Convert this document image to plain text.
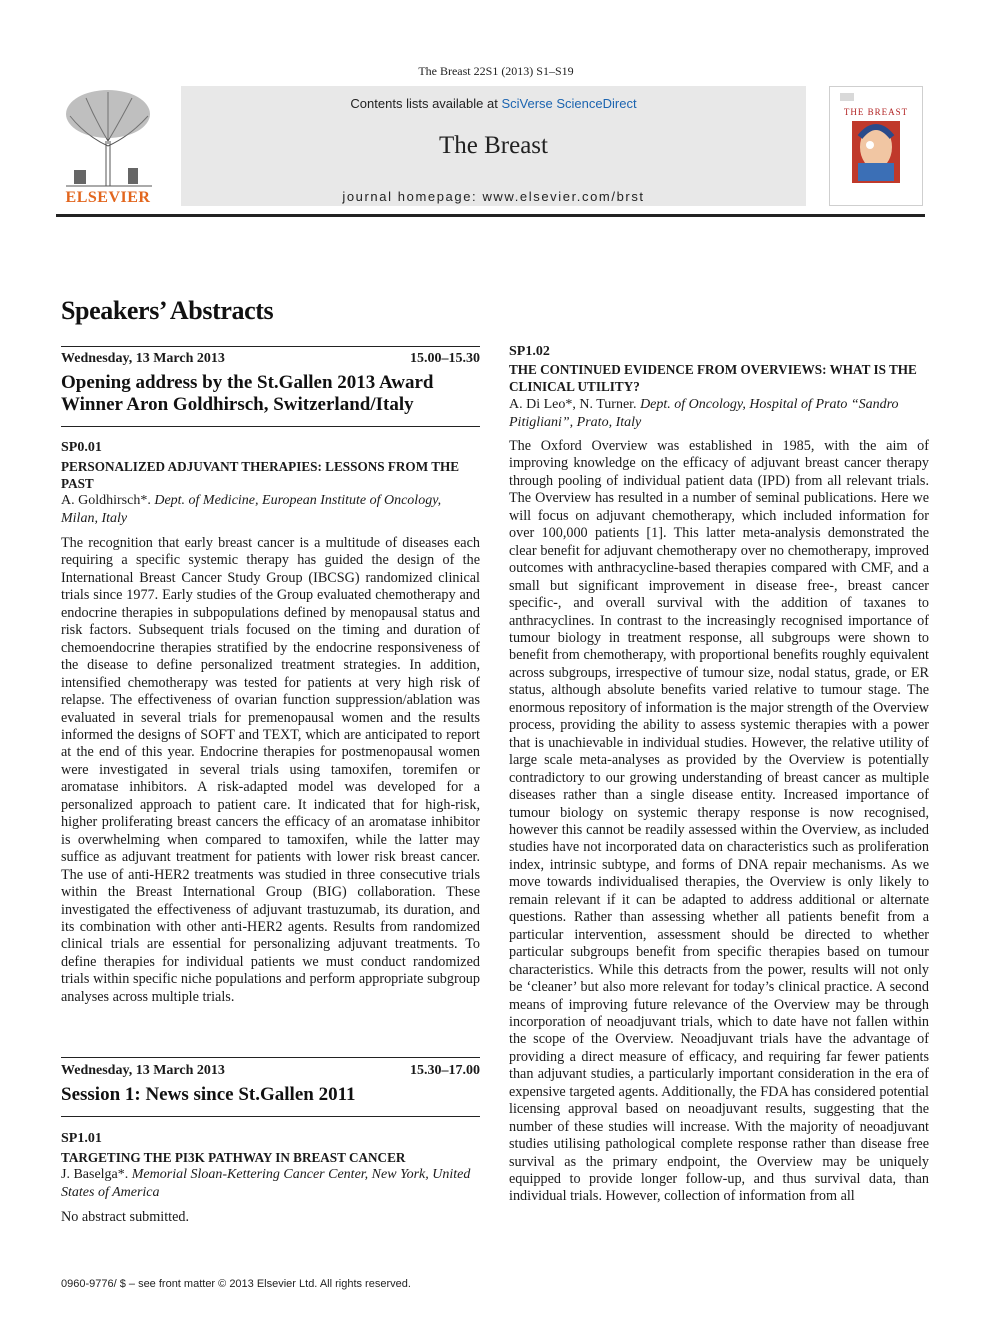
The Breast 22S1 (2013) S1–S19
ELSEVIER
Contents lists available at SciVerse ScienceDirect
The Breast
journal homepage: www.elsevier.com/brst
THE BREAST
Speakers’ Abstracts
Wednesday, 13 March 2013	15.00–15.30
Opening address by the St.Gallen 2013 Award Winner Aron Goldhirsch, Switzerland/Italy
SP0.01
PERSONALIZED ADJUVANT THERAPIES: LESSONS FROM THE PAST
A. Goldhirsch*. Dept. of Medicine, European Institute of Oncology, Milan, Italy
The recognition that early breast cancer is a multitude of diseases each requiring a specific systemic therapy has guided the design of the International Breast Cancer Study Group (IBCSG) randomized clinical trials since 1977. Early studies of the Group evaluated chemotherapy and endocrine therapies in subpopulations defined by menopausal status and risk factors. Subsequent trials focused on the timing and duration of chemoendocrine therapies stratified by the endocrine responsiveness of the disease to define personalized treatment strategies. In addition, intensified chemotherapy was tested for patients at very high risk of relapse. The effectiveness of ovarian function suppression/ablation was evaluated in several trials for premenopausal women and the results informed the designs of SOFT and TEXT, which are anticipated to report at the end of this year. Endocrine therapies for postmenopausal women were investigated in several trials using tamoxifen, toremifen or aromatase inhibitors. A risk-adapted model was developed for a personalized approach to patient care. It indicated that for high-risk, higher proliferating breast cancers the efficacy of an aromatase inhibitor is overwhelming when compared to tamoxifen, while the latter may suffice as adjuvant treatment for patients with lower risk breast cancer. The use of anti-HER2 treatments was studied in three consecutive trials within the Breast International Group (BIG) collaboration. These investigated the effectiveness of adjuvant trastuzumab, its duration, and its combination with other anti-HER2 agents. Results from randomized clinical trials are essential for personalizing adjuvant treatments. To define therapies for individual patients we must conduct randomized trials within specific niche populations and perform appropriate subgroup analyses across multiple trials.
Wednesday, 13 March 2013	15.30–17.00
Session 1: News since St.Gallen 2011
SP1.01
TARGETING THE PI3K PATHWAY IN BREAST CANCER
J. Baselga*. Memorial Sloan-Kettering Cancer Center, New York, United States of America
No abstract submitted.
SP1.02
THE CONTINUED EVIDENCE FROM OVERVIEWS: WHAT IS THE CLINICAL UTILITY?
A. Di Leo*, N. Turner. Dept. of Oncology, Hospital of Prato “Sandro Pitigliani”, Prato, Italy
The Oxford Overview was established in 1985, with the aim of improving knowledge on the efficacy of adjuvant breast cancer therapy through pooling of individual patient data (IPD) from all relevant trials. The Overview has resulted in a number of seminal publications. Here we will focus on adjuvant chemotherapy, which included information for over 100,000 patients [1]. This latter meta-analysis demonstrated the clear benefit for adjuvant chemotherapy over no chemotherapy, improved outcomes with anthracycline-based therapies compared with CMF, and a small but significant improvement in disease free-, breast cancer specific-, and overall survival with the addition of taxanes to anthracyclines. In contrast to the increasingly recognised importance of tumour biology in treatment response, all subgroups were shown to benefit from chemotherapy, with proportional benefits roughly equivalent across subgroups, irrespective of tumour size, nodal status, grade, or ER status, although absolute benefits varied relative to tumour stage. The enormous repository of information is the major strength of the Overview process, providing the ability to assess systemic therapies with a power that is unachievable in individual studies. However, the relative utility of large scale meta-analyses as provided by the Overview is potentially contradictory to our growing understanding of breast cancer as multiple diseases rather than a single disease entity. Increased importance of tumour biology on systemic therapy response is now recognised, however this cannot be readily assessed within the Overview, as included studies have not incorporated data on characteristics such as proliferation index, intrinsic subtype, and forms of DNA repair mechanisms. As we move towards individualised therapies, the Overview is only likely to remain relevant if it can be adapted to address additional or alternate questions. Rather than assessing whether all patients benefit from a particular intervention, assessment should be directed to whether particular subgroups benefit from specific therapies based on tumour characteristics. While this detracts from the power, results will not only be ‘cleaner’ but also more relevant for today’s clinical practice. A second means of improving future relevance of the Overview may be through incorporation of neoadjuvant trials, which to date have not fallen within the scope of the Overview. Neoadjuvant trials have the advantage of providing a direct measure of efficacy, and requiring far fewer patients than adjuvant studies, a particularly important consideration in the era of expensive targeted agents. Additionally, the FDA has considered potential licensing approval based on neoadjuvant results, suggesting that the number of these studies will increase. With the majority of neoadjuvant studies utilising pathological complete response rather than disease free survival as the primary endpoint, the Overview may be uniquely equipped to provide longer follow-up, and thus survival data, than individual trials. However, collection of information from all
0960-9776/ $ – see front matter © 2013 Elsevier Ltd. All rights reserved.
